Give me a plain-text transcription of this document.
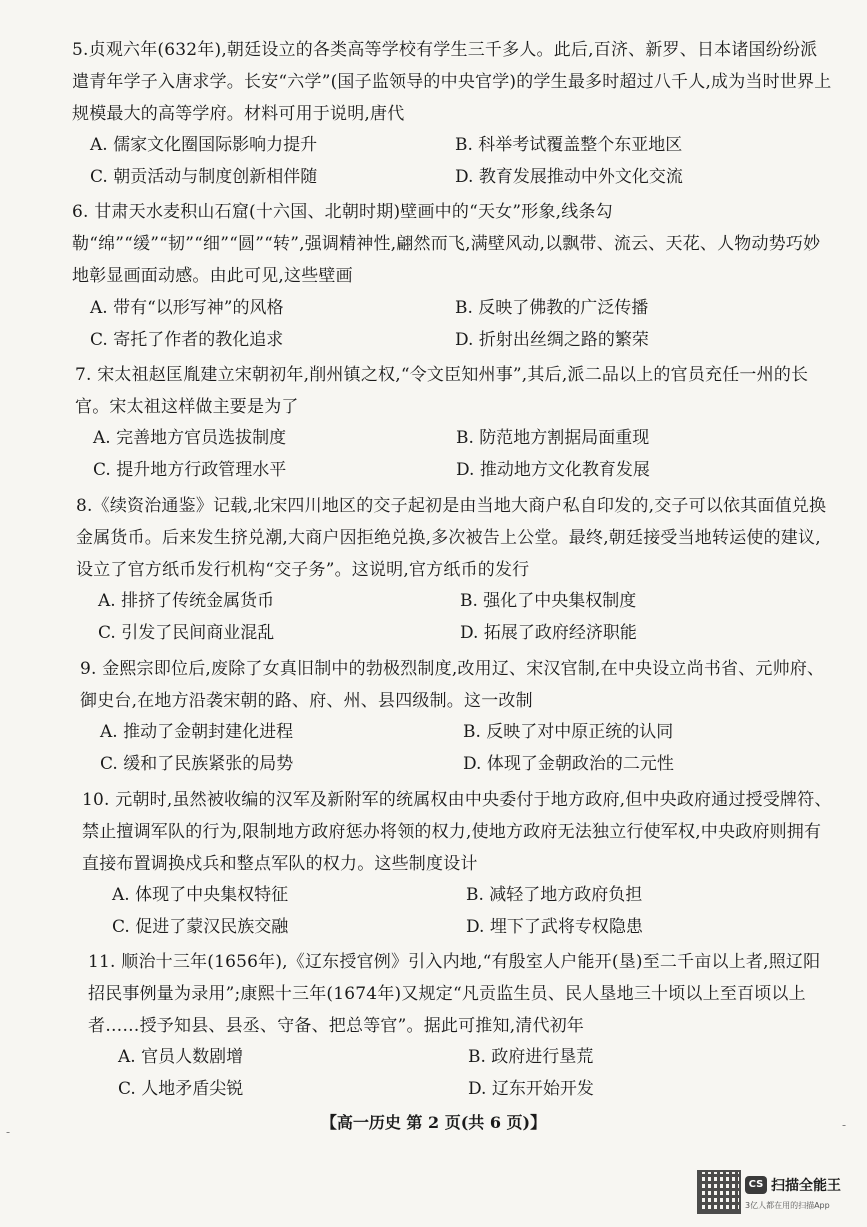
5.贞观六年(632年),朝廷设立的各类高等学校有学生三千多人。此后,百济、新罗、日本诸国纷纷派遣青年学子入唐求学。长安“六学”(国子监领导的中央官学)的学生最多时超过八千人,成为当时世界上规模最大的高等学府。材料可用于说明,唐代
A. 儒家文化圈国际影响力提升	B. 科举考试覆盖整个东亚地区
C. 朝贡活动与制度创新相伴随	D. 教育发展推动中外文化交流
6. 甘肃天水麦积山石窟(十六国、北朝时期)壁画中的“天女”形象,线条勾勒“绵”“缓”“韧”“细”“圆”“转”,强调精神性,翩然而飞,满壁风动,以飘带、流云、天花、人物动势巧妙地彰显画面动感。由此可见,这些壁画
A. 带有“以形写神”的风格	B. 反映了佛教的广泛传播
C. 寄托了作者的教化追求	D. 折射出丝绸之路的繁荣
7. 宋太祖赵匡胤建立宋朝初年,削州镇之权,“令文臣知州事”,其后,派二品以上的官员充任一州的长官。宋太祖这样做主要是为了
A. 完善地方官员选拔制度	B. 防范地方割据局面重现
C. 提升地方行政管理水平	D. 推动地方文化教育发展
8.《续资治通鉴》记载,北宋四川地区的交子起初是由当地大商户私自印发的,交子可以依其面值兑换金属货币。后来发生挤兑潮,大商户因拒绝兑换,多次被告上公堂。最终,朝廷接受当地转运使的建议,设立了官方纸币发行机构“交子务”。这说明,官方纸币的发行
A. 排挤了传统金属货币	B. 强化了中央集权制度
C. 引发了民间商业混乱	D. 拓展了政府经济职能
9. 金熙宗即位后,废除了女真旧制中的勃极烈制度,改用辽、宋汉官制,在中央设立尚书省、元帅府、御史台,在地方沿袭宋朝的路、府、州、县四级制。这一改制
A. 推动了金朝封建化进程	B. 反映了对中原正统的认同
C. 缓和了民族紧张的局势	D. 体现了金朝政治的二元性
10. 元朝时,虽然被收编的汉军及新附军的统属权由中央委付于地方政府,但中央政府通过授受牌符、禁止擅调军队的行为,限制地方政府惩办将领的权力,使地方政府无法独立行使军权,中央政府则拥有直接布置调换戍兵和整点军队的权力。这些制度设计
A. 体现了中央集权特征	B. 减轻了地方政府负担
C. 促进了蒙汉民族交融	D. 埋下了武将专权隐患
11. 顺治十三年(1656年),《辽东授官例》引入内地,“有殷室人户能开(垦)至二千亩以上者,照辽阳招民事例量为录用”;康熙十三年(1674年)又规定“凡贡监生员、民人垦地三十顷以上至百顷以上者……授予知县、县丞、守备、把总等官”。据此可推知,清代初年
A. 官员人数剧增	B. 政府进行垦荒
C. 人地矛盾尖锐	D. 辽东开始开发
【高一历史 第 2 页(共 6 页)】
-	-
CS 扫描全能王
3亿人都在用的扫描App
